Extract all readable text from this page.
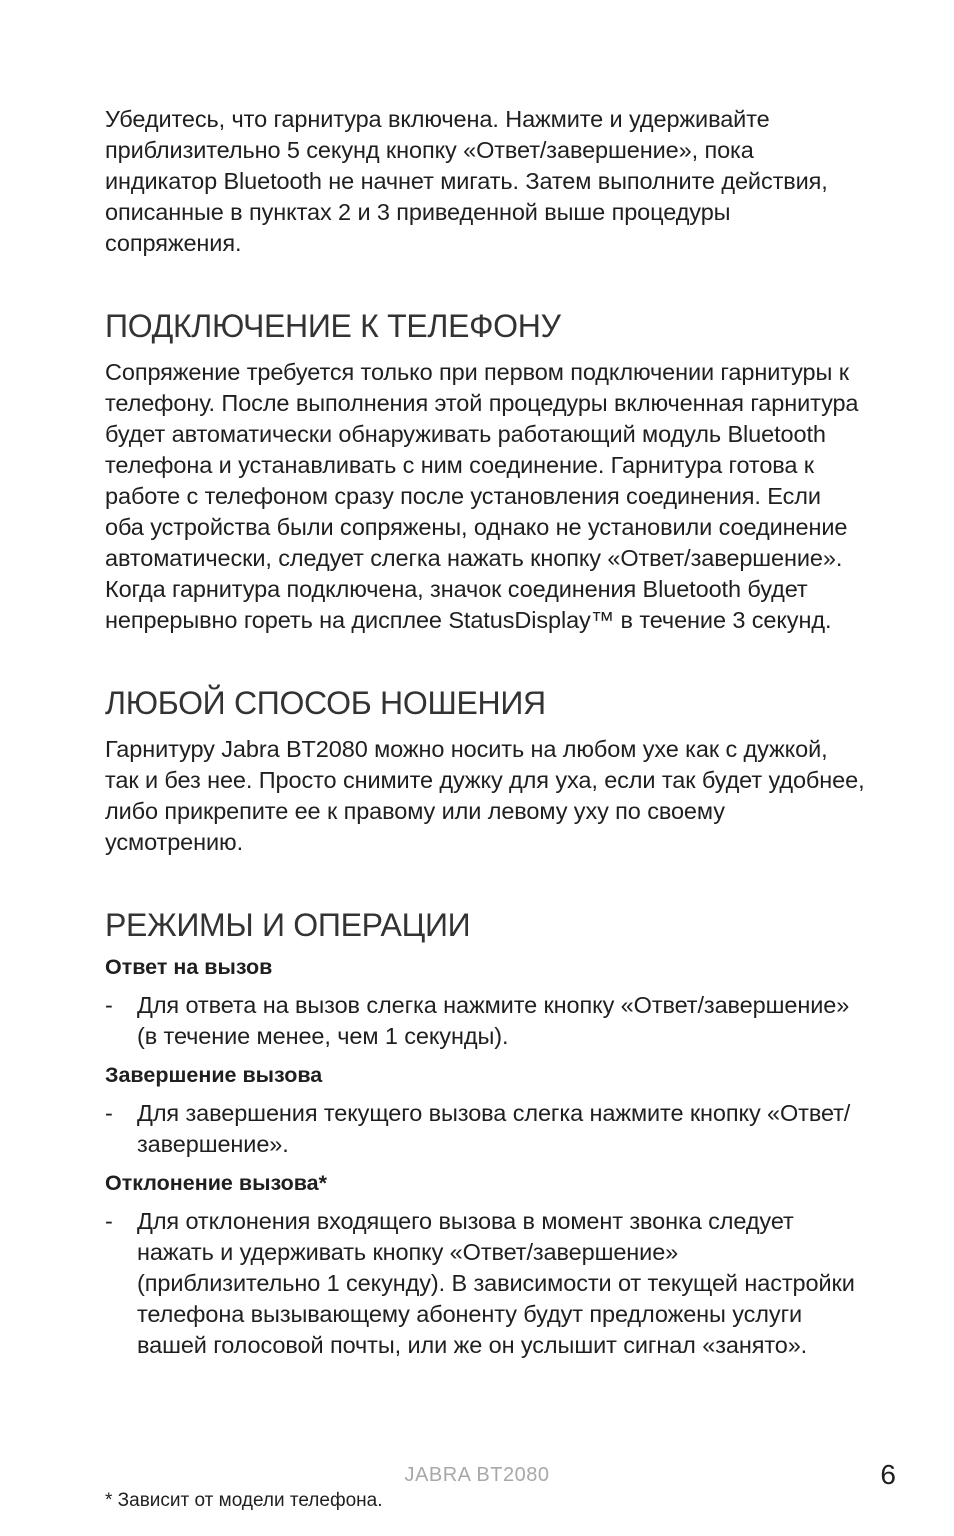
Убедитесь, что гарнитура включена. Нажмите и удерживайте приблизительно 5 секунд кнопку «Ответ/завершение», пока индикатор Bluetooth не начнет мигать. Затем выполните действия, описанные в пунктах 2 и 3 приведенной выше процедуры сопряжения.

ПОДКЛЮЧЕНИЕ К ТЕЛЕФОНУ

Сопряжение требуется только при первом подключении гарнитуры к телефону. После выполнения этой процедуры включенная гарнитура будет автоматически обнаруживать работающий модуль Bluetooth телефона и устанавливать с ним соединение. Гарнитура готова к работе с телефоном сразу после установления соединения. Если оба устройства были сопряжены, однако не установили соединение автоматически, следует слегка нажать кнопку «Ответ/завершение». Когда гарнитура подключена, значок соединения Bluetooth будет непрерывно гореть на дисплее StatusDisplay™ в течение 3 секунд.

ЛЮБОЙ СПОСОБ НОШЕНИЯ

Гарнитуру Jabra BT2080 можно носить на любом ухе как с дужкой, так и без нее. Просто снимите дужку для уха, если так будет удобнее, либо прикрепите ее к правому или левому уху по своему усмотрению.

РЕЖИМЫ И ОПЕРАЦИИ
Ответ на вызов
- Для ответа на вызов слегка нажмите кнопку «Ответ/завершение» (в течение менее, чем 1 секунды).
Завершение вызова
- Для завершения текущего вызова слегка нажмите кнопку «Ответ/завершение».
Отклонение вызова*
- Для отклонения входящего вызова в момент звонка следует нажать и удерживать кнопку «Ответ/завершение» (приблизительно 1 секунду). В зависимости от текущей настройки телефона вызывающему абоненту будут предложены услуги вашей голосовой почты, или же он услышит сигнал «занято».
JABRA BT2080	6
* Зависит от модели телефона.
